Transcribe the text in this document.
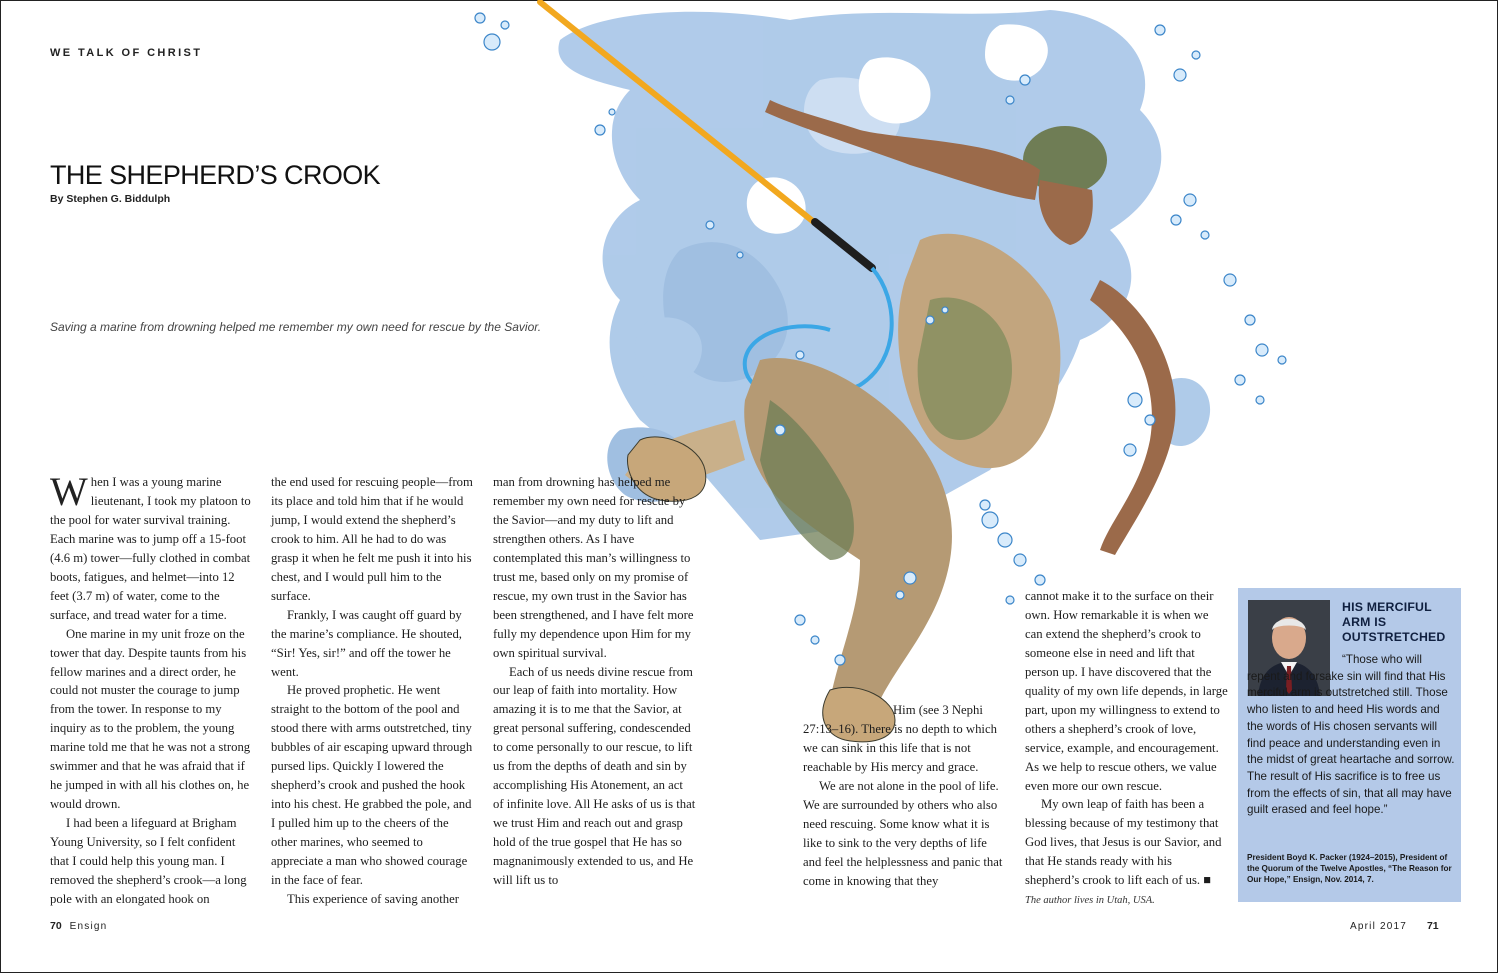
WE TALK OF CHRIST
THE SHEPHERD’S CROOK
By Stephen G. Biddulph
Saving a marine from drowning helped me remember my own need for rescue by the Savior.

When I was a young marine lieutenant, I took my platoon to the pool for water survival training. Each marine was to jump off a 15-foot (4.6 m) tower—fully clothed in combat boots, fatigues, and helmet—into 12 feet (3.7 m) of water, come to the surface, and tread water for a time.

One marine in my unit froze on the tower that day. Despite taunts from his fellow marines and a direct order, he could not muster the courage to jump from the tower. In response to my inquiry as to the problem, the young marine told me that he was not a strong swimmer and that he was afraid that if he jumped in with all his clothes on, he would drown.

I had been a lifeguard at Brigham Young University, so I felt confident that I could help this young man. I removed the shepherd’s crook—a long pole with an elongated hook on

the end used for rescuing people—from its place and told him that if he would jump, I would extend the shepherd’s crook to him. All he had to do was grasp it when he felt me push it into his chest, and I would pull him to the surface.

Frankly, I was caught off guard by the marine’s compliance. He shouted, “Sir! Yes, sir!” and off the tower he went.

He proved prophetic. He went straight to the bottom of the pool and stood there with arms outstretched, tiny bubbles of air escaping upward through pursed lips. Quickly I lowered the shepherd’s crook and pushed the hook into his chest. He grabbed the pole, and I pulled him up to the cheers of the other marines, who seemed to appreciate a man who showed courage in the face of fear.

This experience of saving another

man from drowning has helped me remember my own need for rescue by the Savior—and my duty to lift and strengthen others. As I have contemplated this man’s willingness to trust me, based only on my promise of rescue, my own trust in the Savior has been strengthened, and I have felt more fully my dependence upon Him for my own spiritual survival.

Each of us needs divine rescue from our leap of faith into mortality. How amazing it is to me that the Savior, at great personal suffering, condescended to come personally to our rescue, to lift us from the depths of death and sin by accomplishing His Atonement, an act of infinite love. All He asks of us is that we trust Him and reach out and grasp hold of the true gospel that He has so magnanimously extended to us, and He will lift us to

Him (see 3 Nephi 27:13–16). There is no depth to which we can sink in this life that is not reachable by His mercy and grace.

We are not alone in the pool of life. We are surrounded by others who also need rescuing. Some know what it is like to sink to the very depths of life and feel the helplessness and panic that come in knowing that they

cannot make it to the surface on their own. How remarkable it is when we can extend the shepherd’s crook to someone else in need and lift that person up. I have discovered that the quality of my own life depends, in large part, upon my willingness to extend to others a shepherd’s crook of love, service, example, and encouragement. As we help to rescue others, we value even more our own rescue.

My own leap of faith has been a blessing because of my testimony that God lives, that Jesus is our Savior, and that He stands ready with his shepherd’s crook to lift each of us. ■

The author lives in Utah, USA.
HIS MERCIFUL ARM IS OUTSTRETCHED
“Those who will repent and forsake sin will find that His merciful arm is outstretched still. Those who listen to and heed His words and the words of His chosen servants will find peace and understanding even in the midst of great heartache and sorrow. The result of His sacrifice is to free us from the effects of sin, that all may have guilt erased and feel hope.”
President Boyd K. Packer (1924–2015), President of the Quorum of the Twelve Apostles, “The Reason for Our Hope,” Ensign, Nov. 2014, 7.
70 Ensign	April 2017 71
